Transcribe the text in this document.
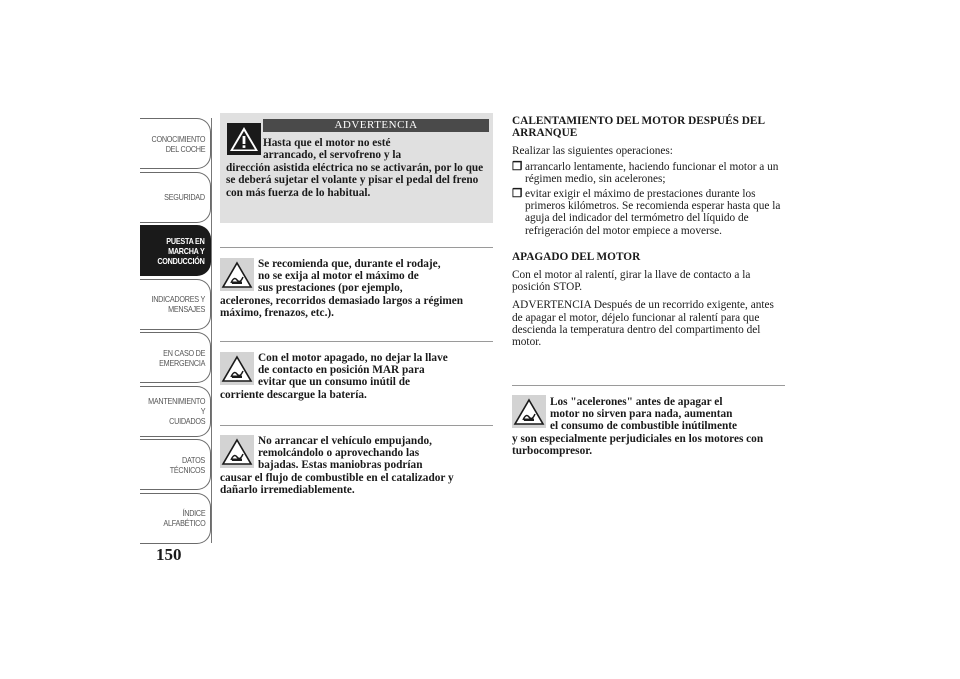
CONOCIMIENTO
DEL COCHE
SEGURIDAD
PUESTA EN
MARCHA Y
CONDUCCIÓN
INDICADORES Y
MENSAJES
EN CASO DE
EMERGENCIA
MANTENIMIENTO Y
CUIDADOS
DATOS TÉCNICOS
ÍNDICE
ALFABÉTICO
150
ADVERTENCIA

Hasta que el motor no esté
arrancado, el servofreno y la
dirección asistida eléctrica no se activarán, por lo que se deberá sujetar el volante y pisar el pedal del freno con más fuerza de lo habitual.

Se recomienda que, durante el rodaje,
no se exija al motor el máximo de
sus prestaciones (por ejemplo,
acelerones, recorridos demasiado largos a régimen máximo, frenazos, etc.).

Con el motor apagado, no dejar la llave
de contacto en posición MAR para
evitar que un consumo inútil de
corriente descargue la batería.

No arrancar el vehículo empujando,
remolcándolo o aprovechando las
bajadas. Estas maniobras podrían
causar el flujo de combustible en el catalizador y dañarlo irremediablemente.

CALENTAMIENTO DEL MOTOR DESPUÉS DEL ARRANQUE

Realizar las siguientes operaciones:

❒ arrancarlo lentamente, haciendo funcionar el motor a un régimen medio, sin acelerones;

❒ evitar exigir el máximo de prestaciones durante los primeros kilómetros. Se recomienda esperar hasta que la aguja del indicador del termómetro del líquido de refrigeración del motor empiece a moverse.

APAGADO DEL MOTOR

Con el motor al ralentí, girar la llave de contacto a la posición STOP.

ADVERTENCIA Después de un recorrido exigente, antes de apagar el motor, déjelo funcionar al ralentí para que descienda la temperatura dentro del compartimento del motor.

Los "acelerones" antes de apagar el
motor no sirven para nada, aumentan
el consumo de combustible inútilmente
y son especialmente perjudiciales en los motores con turbocompresor.
